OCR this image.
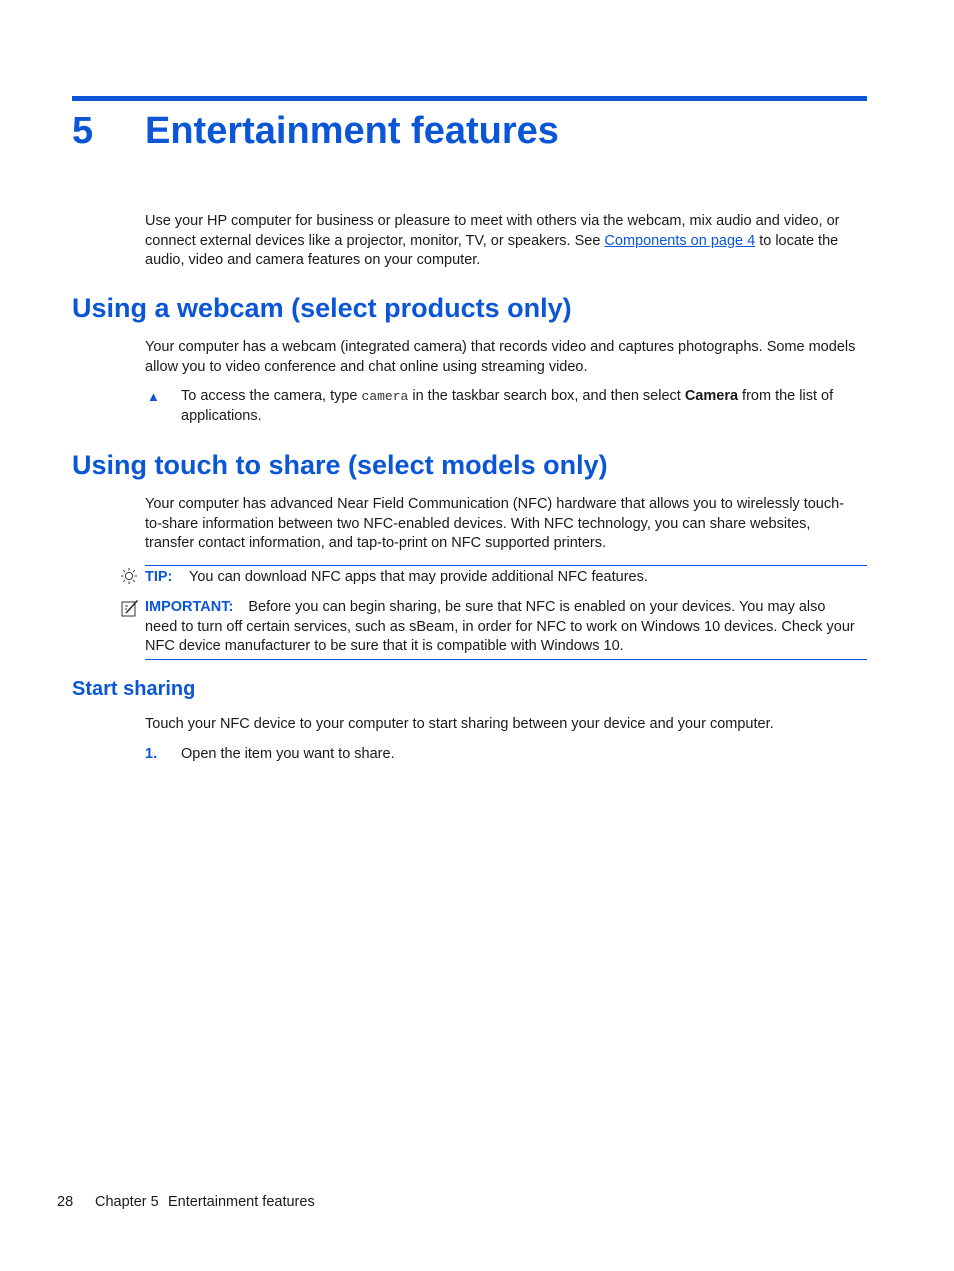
5 Entertainment features

Use your HP computer for business or pleasure to meet with others via the webcam, mix audio and video, or connect external devices like a projector, monitor, TV, or speakers. See Components on page 4 to locate the audio, video and camera features on your computer.

Using a webcam (select products only)

Your computer has a webcam (integrated camera) that records video and captures photographs. Some models allow you to video conference and chat online using streaming video.

▲ To access the camera, type camera in the taskbar search box, and then select Camera from the list of applications.

Using touch to share (select models only)

Your computer has advanced Near Field Communication (NFC) hardware that allows you to wirelessly touch-to-share information between two NFC-enabled devices. With NFC technology, you can share websites, transfer contact information, and tap-to-print on NFC supported printers.

TIP: You can download NFC apps that may provide additional NFC features.

IMPORTANT: Before you can begin sharing, be sure that NFC is enabled on your devices. You may also need to turn off certain services, such as sBeam, in order for NFC to work on Windows 10 devices. Check your NFC device manufacturer to be sure that it is compatible with Windows 10.

Start sharing

Touch your NFC device to your computer to start sharing between your device and your computer.

1. Open the item you want to share.
28 Chapter 5 Entertainment features
